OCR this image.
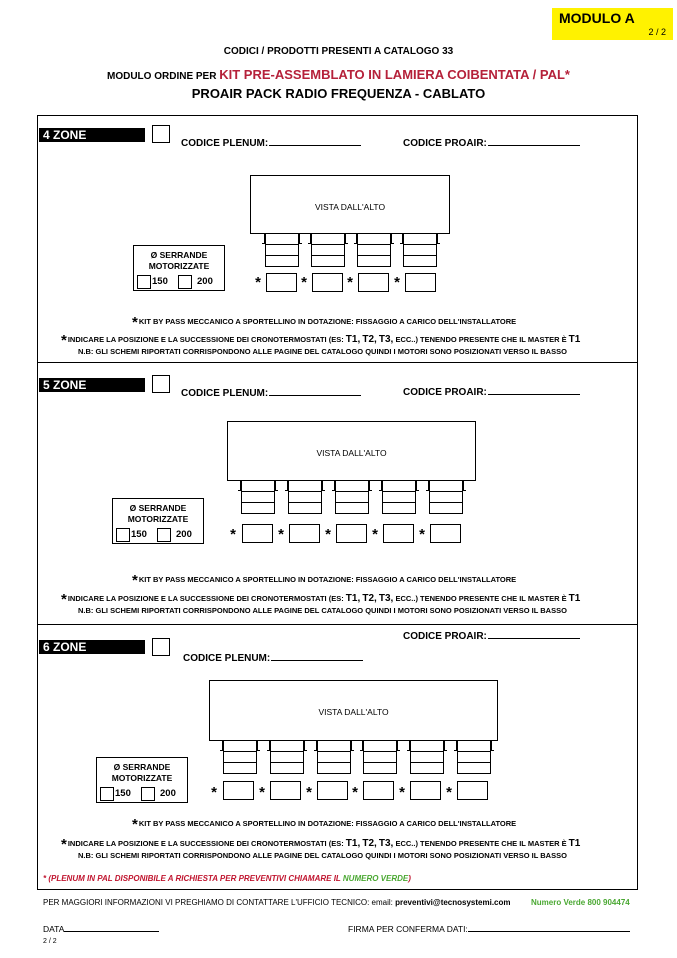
MODULO A
2 / 2
CODICI / PRODOTTI PRESENTI A CATALOGO 33
MODULO ORDINE PER KIT PRE-ASSEMBLATO IN LAMIERA COIBENTATA / PAL*
PROAIR PACK RADIO FREQUENZA - CABLATO
4 ZONE
CODICE PLENUM:	CODICE PROAIR:
VISTA DALL'ALTO
*	*	*	*
Ø SERRANDE MOTORIZZATE
150	200
*KIT BY PASS MECCANICO A SPORTELLINO IN DOTAZIONE: FISSAGGIO A CARICO DELL'INSTALLATORE
*INDICARE LA POSIZIONE E LA SUCCESSIONE DEI CRONOTERMOSTATI (ES: T1, T2, T3, ECC..) TENENDO PRESENTE CHE IL MASTER È T1
N.B: GLI SCHEMI RIPORTATI CORRISPONDONO ALLE PAGINE DEL CATALOGO QUINDI I MOTORI SONO POSIZIONATI VERSO IL BASSO
5 ZONE
CODICE PLENUM:	CODICE PROAIR:
VISTA DALL'ALTO
*	*	*	*	*
Ø SERRANDE MOTORIZZATE
150	200
*KIT BY PASS MECCANICO A SPORTELLINO IN DOTAZIONE: FISSAGGIO A CARICO DELL'INSTALLATORE
*INDICARE LA POSIZIONE E LA SUCCESSIONE DEI CRONOTERMOSTATI (ES: T1, T2, T3, ECC..) TENENDO PRESENTE CHE IL MASTER È T1
N.B: GLI SCHEMI RIPORTATI CORRISPONDONO ALLE PAGINE DEL CATALOGO QUINDI I MOTORI SONO POSIZIONATI VERSO IL BASSO
6 ZONE
CODICE PROAIR:
CODICE PLENUM:
VISTA DALL'ALTO
*	*	*	*	*	*
Ø SERRANDE MOTORIZZATE
150	200
*KIT BY PASS MECCANICO A SPORTELLINO IN DOTAZIONE: FISSAGGIO A CARICO DELL'INSTALLATORE
*INDICARE LA POSIZIONE E LA SUCCESSIONE DEI CRONOTERMOSTATI (ES: T1, T2, T3, ECC..) TENENDO PRESENTE CHE IL MASTER È T1
N.B: GLI SCHEMI RIPORTATI CORRISPONDONO ALLE PAGINE DEL CATALOGO QUINDI I MOTORI SONO POSIZIONATI VERSO IL BASSO
* (PLENUM IN PAL DISPONIBILE A RICHIESTA PER PREVENTIVI CHIAMARE IL NUMERO VERDE)
PER MAGGIORI INFORMAZIONI VI PREGHIAMO DI CONTATTARE L'UFFICIO TECNICO: email: preventivi@tecnosystemi.com	Numero Verde 800 904474
DATA	FIRMA PER CONFERMA DATI:
2 / 2
